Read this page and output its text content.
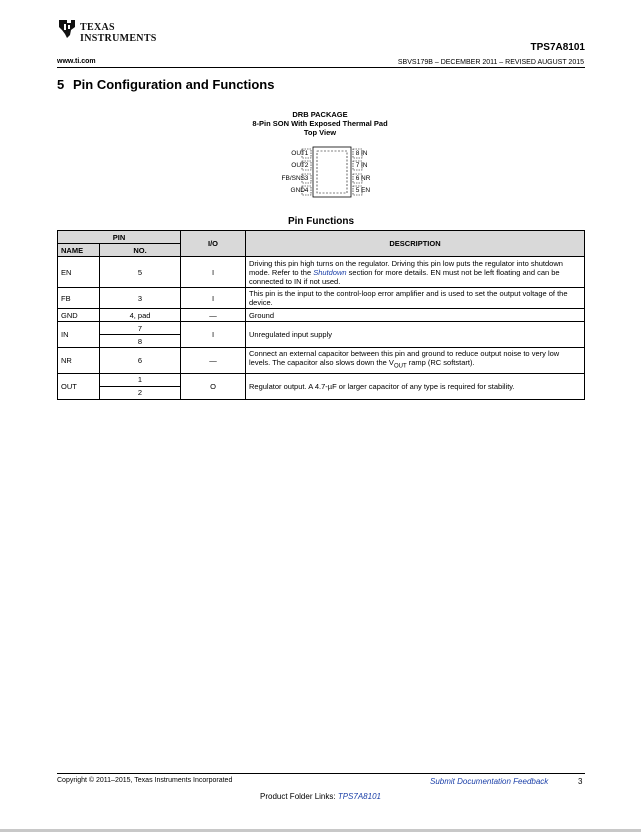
TEXAS
INSTRUMENTS
TPS7A8101
www.ti.com	SBVS179B – DECEMBER 2011 – REVISED AUGUST 2015
5 Pin Configuration and Functions
DRB PACKAGE
8-Pin SON With Exposed Thermal Pad
Top View
OUT
OUT
FB/SNS
GND
1
2
3
4
8
7
6
5
IN
IN
NR
EN
Pin Functions
PIN		I/O	DESCRIPTION
NAME	NO.		
EN	5	I	Driving this pin high turns on the regulator. Driving this pin low puts the regulator into shutdown mode. Refer to the Shutdown section for more details. EN must not be left floating and can be connected to IN if not used.
FB	3	I	This pin is the input to the control-loop error amplifier and is used to set the output voltage of the device.
GND	4, pad	—	Ground
IN	7	I	Unregulated input supply
	8		
NR	6	—	Connect an external capacitor between this pin and ground to reduce output noise to very low levels. The capacitor also slows down the $V_{OUT}$ ramp (RC softstart).
OUT	1	O	Regulator output. A 4.7-µF or larger capacitor of any type is required for stability.
	2		
Copyright © 2011–2015, Texas Instruments Incorporated	Submit Documentation Feedback	3
Product Folder Links: TPS7A8101
